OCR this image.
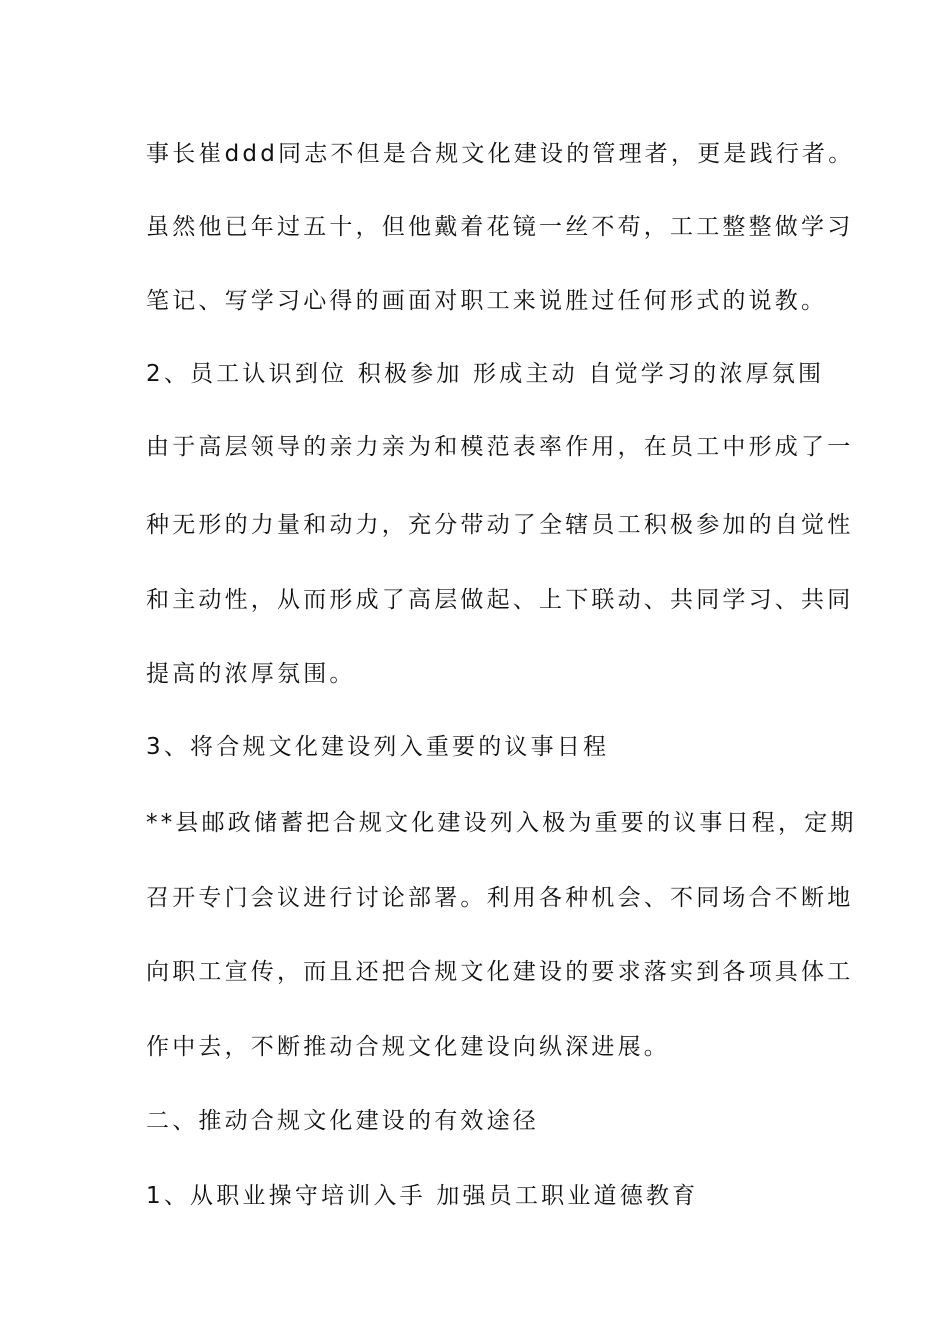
事长崔ddd同志不但是合规文化建设的管理者，更是践行者。
虽然他已年过五十，但他戴着花镜一丝不苟，工工整整做学习
笔记、写学习心得的画面对职工来说胜过任何形式的说教。
2、员工认识到位 积极参加 形成主动 自觉学习的浓厚氛围
由于高层领导的亲力亲为和模范表率作用，在员工中形成了一
种无形的力量和动力，充分带动了全辖员工积极参加的自觉性
和主动性，从而形成了高层做起、上下联动、共同学习、共同
提高的浓厚氛围。
3、将合规文化建设列入重要的议事日程
**县邮政储蓄把合规文化建设列入极为重要的议事日程，定期
召开专门会议进行讨论部署。利用各种机会、不同场合不断地
向职工宣传，而且还把合规文化建设的要求落实到各项具体工
作中去，不断推动合规文化建设向纵深进展。
二、推动合规文化建设的有效途径
1、从职业操守培训入手 加强员工职业道德教育
